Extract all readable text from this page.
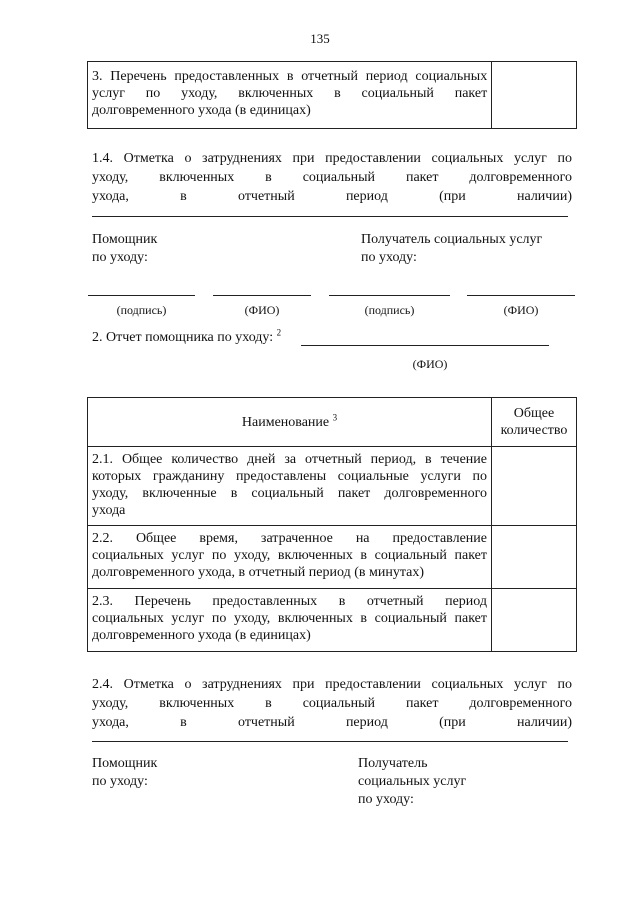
135
3. Перечень предоставленных в отчетный период социальных
услуг по уходу, включенных в социальный пакет
долговременного ухода (в единицах)

1.4. Отметка о затруднениях при предоставлении социальных услуг по
уходу, включенных в социальный пакет долговременного
ухода, в отчетный период (при наличии)
Помощник
по уходу:
Получатель социальных услуг
по уходу:
(подпись)	(ФИО)	(подпись)	(ФИО)
2. Отчет помощника по уходу: $^2$
(ФИО)
Наименование $^3$	Общее
количество

2.1. Общее количество дней за отчетный период, в течение
которых гражданину предоставлены социальные услуги по
уходу, включенные в социальный пакет долговременного
ухода	

2.2. Общее время, затраченное на предоставление
социальных услуг по уходу, включенных в социальный пакет
долговременного ухода, в отчетный период (в минутах)	

2.3. Перечень предоставленных в отчетный период
социальных услуг по уходу, включенных в социальный пакет
долговременного ухода (в единицах)	

2.4. Отметка о затруднениях при предоставлении социальных услуг по
уходу, включенных в социальный пакет долговременного
ухода, в отчетный период (при наличии)
Помощник
по уходу:
Получатель
социальных услуг
по уходу:
